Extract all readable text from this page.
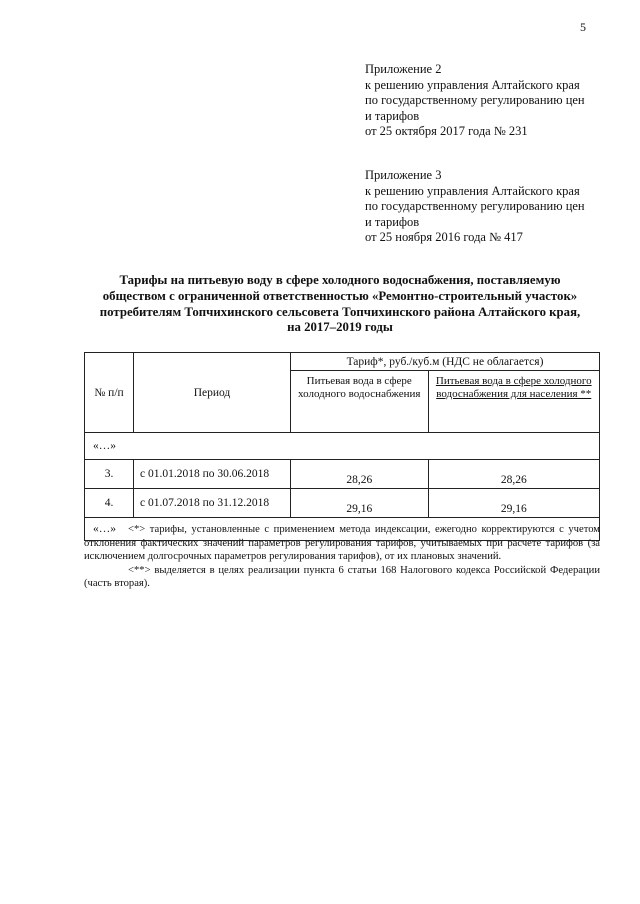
5
Приложение 2
к решению управления Алтайского края
по государственному регулированию цен
и тарифов
от 25 октября 2017 года № 231
Приложение 3
к решению управления Алтайского края
по государственному регулированию цен
и тарифов
от 25 ноября 2016 года № 417
Тарифы на питьевую воду в сфере холодного водоснабжения, поставляемую
обществом с ограниченной ответственностью «Ремонтно-строительный участок»
потребителям Топчихинского сельсовета Топчихинского района Алтайского края,
на 2017–2019 годы
№ п/п	Период	Тариф*, руб./куб.м (НДС не облагается)	
		Питьевая вода в сфере холодного водоснабжения	Питьевая вода в сфере холодного водоснабжения для населения **
«…»			
3.	с 01.01.2018 по 30.06.2018	28,26	28,26
4.	с 01.07.2018 по 31.12.2018	29,16	29,16
«…»				<*> тарифы, установленные с применением метода индексации, ежегодно корректируются с учетом отклонения фактических значений параметров регулирования тарифов, учитываемых при расчете тарифов (за исключением долгосрочных параметров регулирования тарифов), от их плановых значений.

<**> выделяется в целях реализации пункта 6 статьи 168 Налогового кодекса Российской Федерации (часть вторая).
